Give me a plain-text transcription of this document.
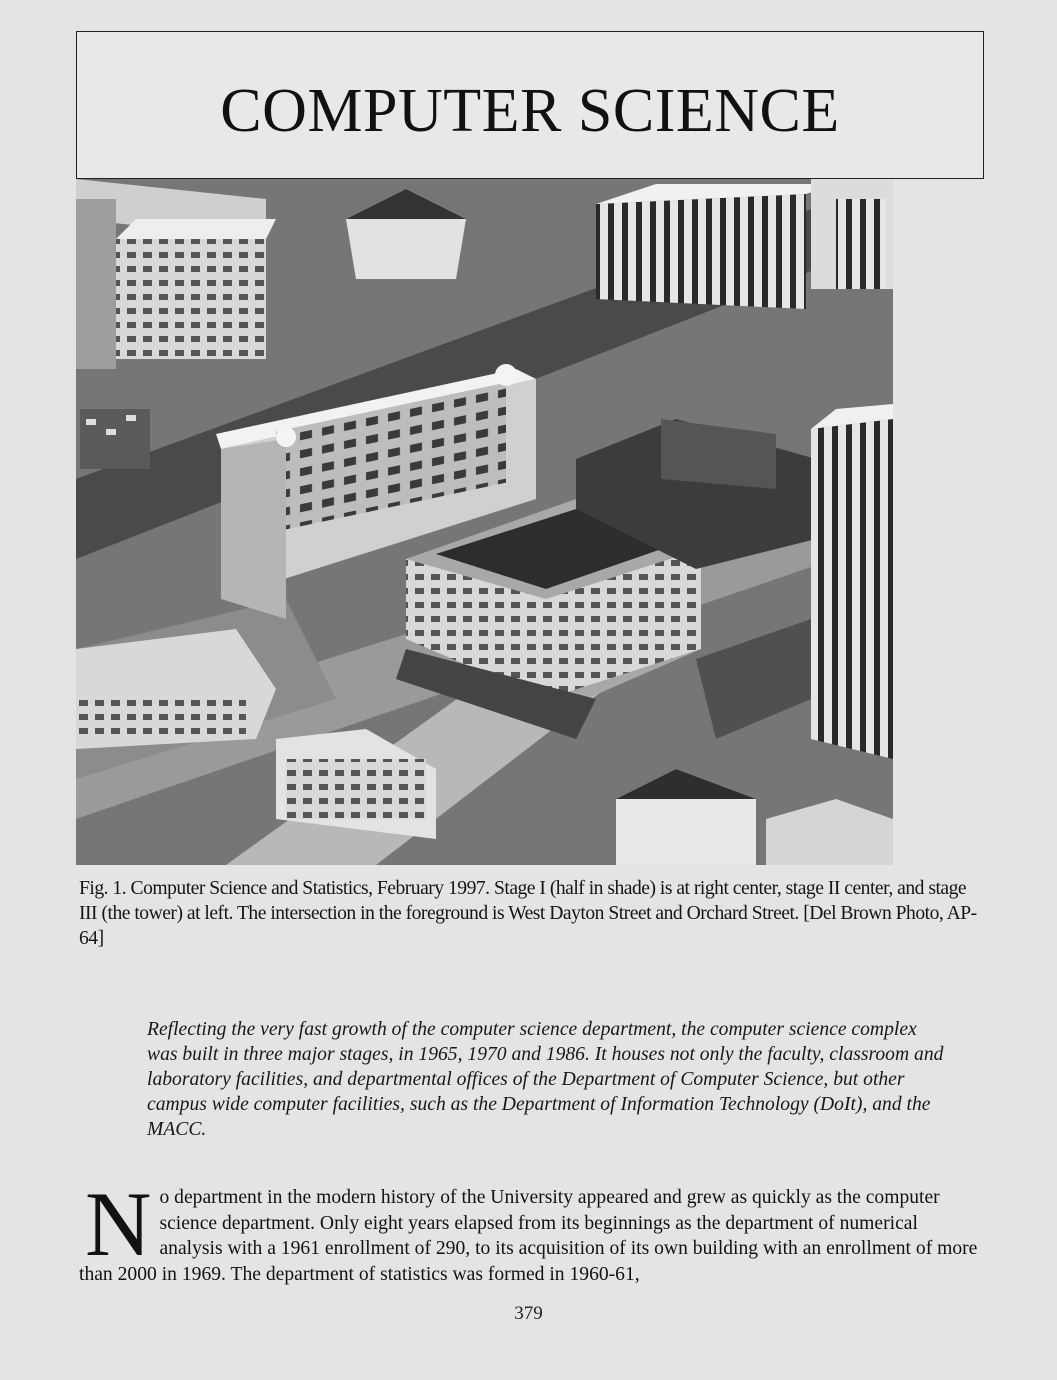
COMPUTER SCIENCE
Fig. 1. Computer Science and Statistics, February 1997. Stage I (half in shade) is at right center, stage II center, and stage III (the tower) at left. The intersection in the foreground is West Dayton Street and Orchard Street. [Del Brown Photo, AP-64]
Reflecting the very fast growth of the computer science department, the computer science complex was built in three major stages, in 1965, 1970 and 1986. It houses not only the faculty, classroom and laboratory facilities, and departmental offices of the Department of Computer Science, but other campus wide computer facilities, such as the Department of Information Technology (DoIt), and the MACC.
No department in the modern history of the University appeared and grew as quickly as the computer science department. Only eight years elapsed from its beginnings as the department of numerical analysis with a 1961 enrollment of 290, to its acquisition of its own building with an enrollment of more than 2000 in 1969. The department of statistics was formed in 1960-61,
379
